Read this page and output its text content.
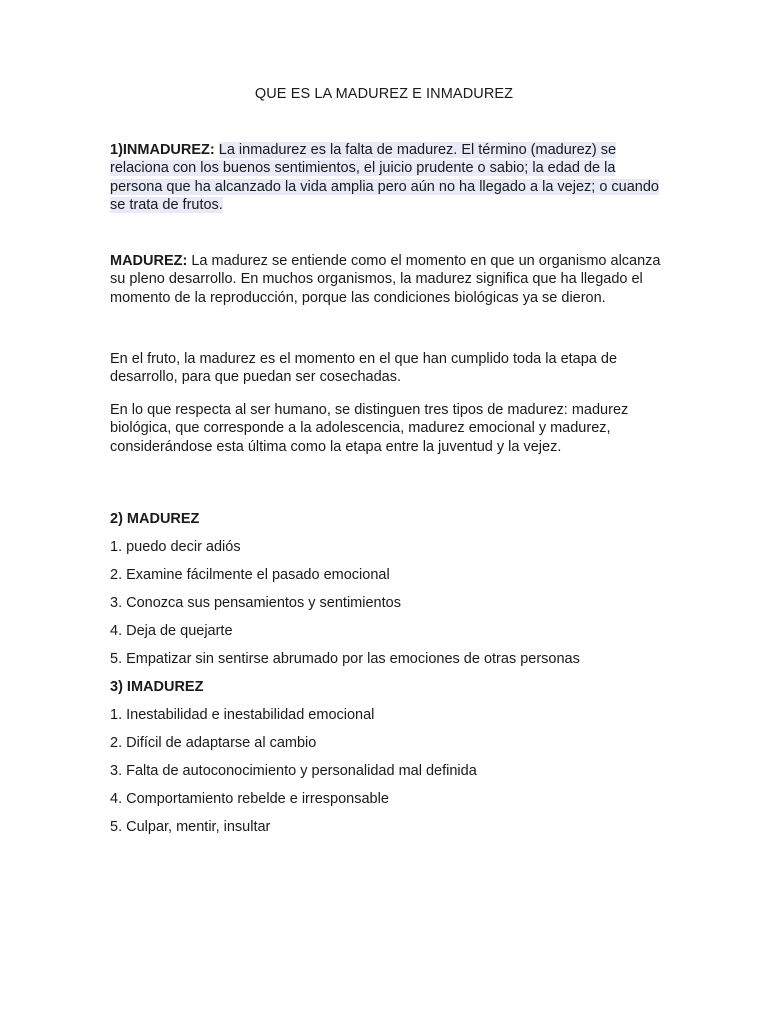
QUE ES LA MADUREZ E INMADUREZ

1)INMADUREZ: La inmadurez es la falta de madurez. El término (madurez) se relaciona con los buenos sentimientos, el juicio prudente o sabio; la edad de la persona que ha alcanzado la vida amplia pero aún no ha llegado a la vejez; o cuando se trata de frutos.

MADUREZ: La madurez se entiende como el momento en que un organismo alcanza su pleno desarrollo. En muchos organismos, la madurez significa que ha llegado el momento de la reproducción, porque las condiciones biológicas ya se dieron.

En el fruto, la madurez es el momento en el que han cumplido toda la etapa de desarrollo, para que puedan ser cosechadas.

En lo que respecta al ser humano, se distinguen tres tipos de madurez: madurez biológica, que corresponde a la adolescencia, madurez emocional y madurez, considerándose esta última como la etapa entre la juventud y la vejez.

2) MADUREZ

1. puedo decir adiós

2. Examine fácilmente el pasado emocional

3. Conozca sus pensamientos y sentimientos

4. Deja de quejarte

5. Empatizar sin sentirse abrumado por las emociones de otras personas

3) IMADUREZ

1. Inestabilidad e inestabilidad emocional

2. Difícil de adaptarse al cambio

3. Falta de autoconocimiento y personalidad mal definida

4. Comportamiento rebelde e irresponsable

5. Culpar, mentir, insultar
